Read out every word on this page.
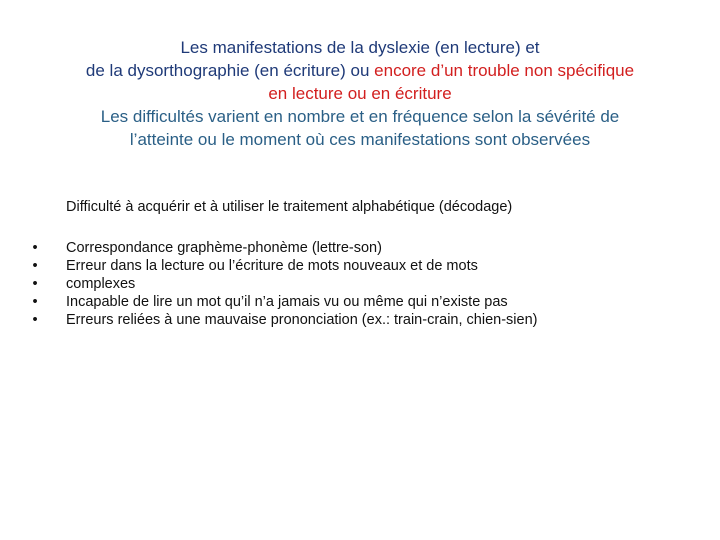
Les manifestations de la dyslexie (en lecture) et
de la dysorthographie (en écriture) ou encore d’un trouble non spécifique
en lecture ou en écriture
Les difficultés varient en nombre et en fréquence selon la sévérité de
l’atteinte ou le moment où ces manifestations sont observées
Difficulté à acquérir et à utiliser le traitement alphabétique (décodage)
• Correspondance graphème-phonème (lettre-son)
• Erreur dans la lecture ou l’écriture de mots nouveaux et de mots
• complexes
• Incapable de lire un mot qu’il n’a jamais vu ou même qui n’existe pas
• Erreurs reliées à une mauvaise prononciation (ex.: train-crain, chien-sien)
